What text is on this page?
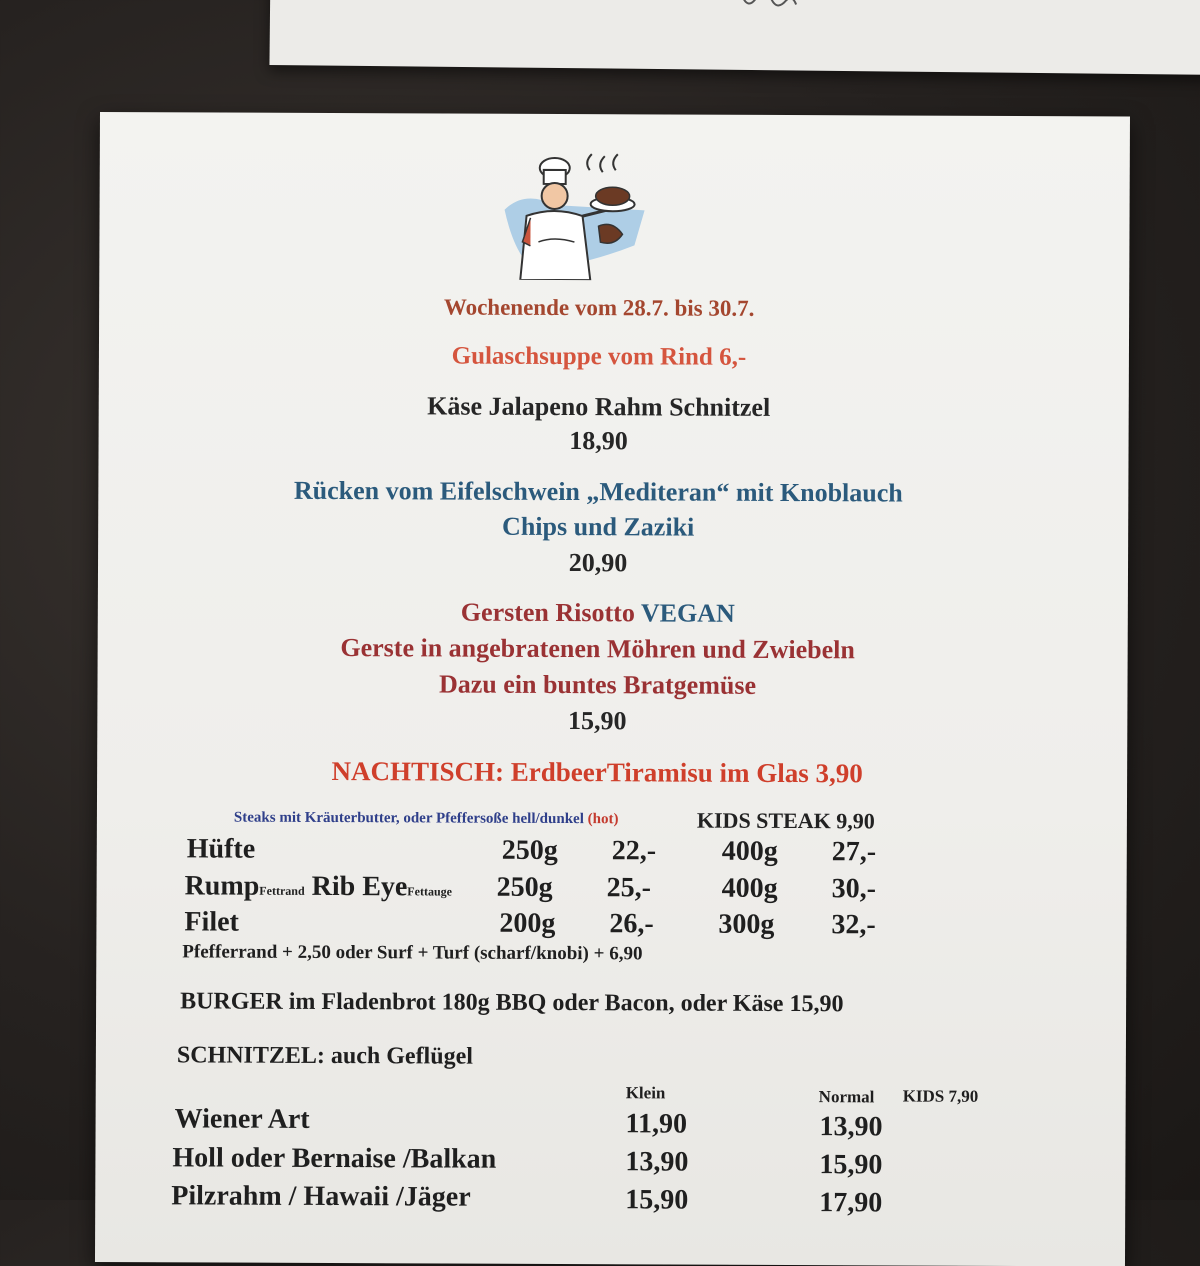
Wochenende vom 28.7. bis 30.7.
Gulaschsuppe vom Rind 6,-
Käse Jalapeno Rahm Schnitzel
18,90
Rücken vom Eifelschwein „Mediteran“ mit Knoblauch
Chips und Zaziki
20,90
Gersten Risotto VEGAN
Gerste in angebratenen Möhren und Zwiebeln
Dazu ein buntes Bratgemüse
15,90
NACHTISCH: ErdbeerTiramisu im Glas 3,90
Steaks mit Kräuterbutter, oder Pfeffersoße hell/dunkel (hot)	KIDS STEAK 9,90
Hüfte	250g 22,- 400g 27,-
RumpFettrand Rib EyeFettauge 250g 25,-	400g 30,-
Filet	200g 26,- 300g 32,-
Pfefferrand + 2,50 oder Surf + Turf (scharf/knobi) + 6,90
BURGER im Fladenbrot 180g BBQ oder Bacon, oder Käse 15,90
SCHNITZEL: auch Geflügel
Klein	Normal KIDS 7,90
Wiener Art	11,90	13,90
Holl oder Bernaise /Balkan	13,90	15,90
Pilzrahm / Hawaii /Jäger	15,90	17,90
